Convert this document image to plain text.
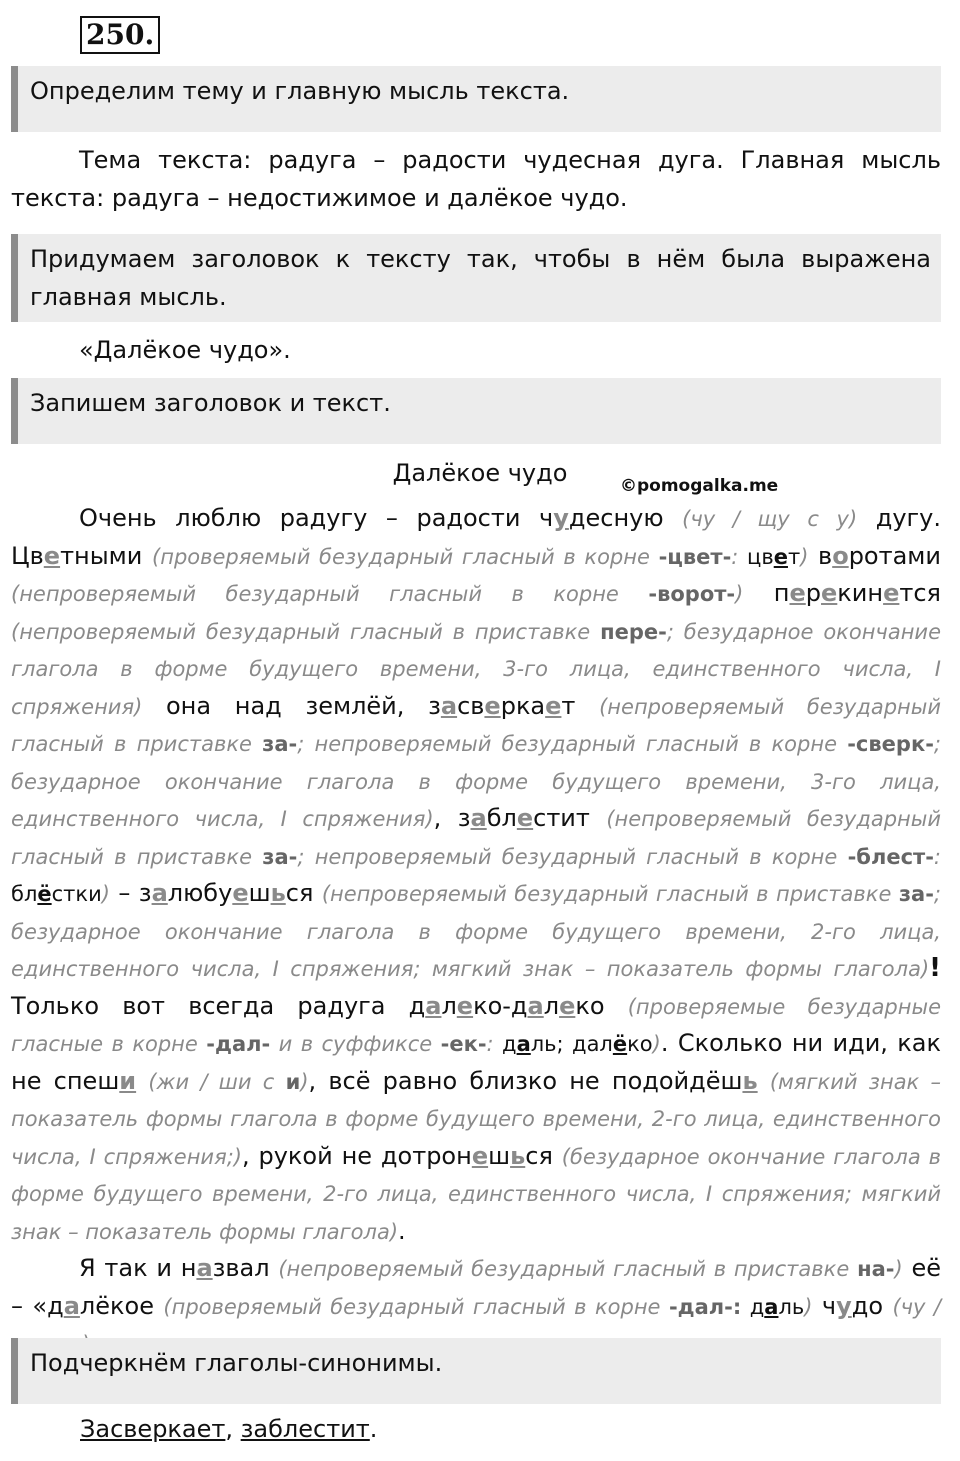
250.
Определим тему и главную мысль текста.
Тема текста: радуга – радости чудесная дуга. Главная мысль текста: радуга – недостижимое и далёкое чудо.
Придумаем заголовок к тексту так, чтобы в нём была выражена главная мысль.
«Далёкое чудо».
Запишем заголовок и текст.
Далёкое чудо	©pomogalka.me
Очень люблю радугу – радости чудесную (чу / щу с у) дугу. Цветными (проверяемый безударный гласный в корне -цвет-: цвет) воротами (непроверяемый безударный гласный в корне -ворот-) перекинется (непроверяемый безударный гласный в приставке пере-; безударное окончание глагола в форме будущего времени, 3-го лица, единственного числа, I спряжения) она над землёй, засверкает (непроверяемый безударный гласный в приставке за-; непроверяемый безударный гласный в корне -сверк-; безударное окончание глагола в форме будущего времени, 3-го лица, единственного числа, I спряжения), заблестит (непроверяемый безударный гласный в приставке за-; непроверяемый безударный гласный в корне -блест-: блёстки) – залюбуешься (непроверяемый безударный гласный в приставке за-; безударное окончание глагола в форме будущего времени, 2-го лица, единственного числа, I спряжения; мягкий знак – показатель формы глагола)! Только вот всегда радуга далеко-далеко (проверяемые безударные гласные в корне -дал- и в суффиксе -ек-: даль; далёко). Сколько ни иди, как не спеши (жи / ши с и), всё равно близко не подойдёшь (мягкий знак – показатель формы глагола в форме будущего времени, 2-го лица, единственного числа, I спряжения;), рукой не дотронешься (безударное окончание глагола в форме будущего времени, 2-го лица, единственного числа, I спряжения; мягкий знак – показатель формы глагола).
Я так и назвал (непроверяемый безударный гласный в приставке на-) её – «далёкое (проверяемый безударный гласный в корне -дал-: даль) чудо (чу /
Подчеркнём глаголы-синонимы.
Засверкает, заблестит.
